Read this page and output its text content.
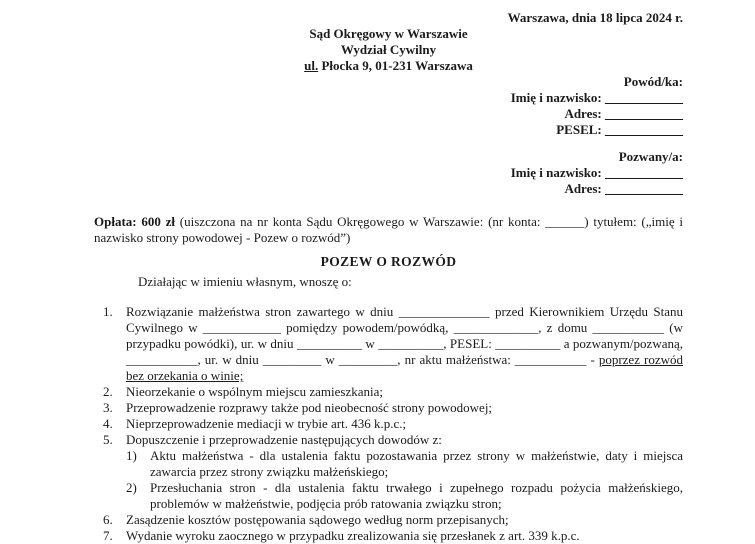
Warszawa, dnia 18 lipca 2024 r.
Sąd Okręgowy w Warszawie
Wydział Cywilny
ul. Płocka 9, 01-231 Warszawa
Powód/ka:
Imię i nazwisko: ____________
Adres: ____________
PESEL: ____________
Pozwany/a:
Imię i nazwisko: ____________
Adres: ____________
Opłata: 600 zł (uiszczona na nr konta Sądu Okręgowego w Warszawie: (nr konta: ______) tytułem: („imię i nazwisko strony powodowej - Pozew o rozwód”)
POZEW O ROZWÓD
Działając w imieniu własnym, wnoszę o:
1.	Rozwiązanie małżeństwa stron zawartego w dniu ______________ przed Kierownikiem Urzędu Stanu Cywilnego w ____________ pomiędzy powodem/powódką, _____________, z domu ___________ (w przypadku powódki), ur. w dniu __________ w __________, PESEL: __________ a pozwanym/pozwaną, ___________, ur. w dniu _________ w _________, nr aktu małżeństwa: ___________ - poprzez rozwód bez orzekania o winie;
2.	Nieorzekanie o wspólnym miejscu zamieszkania;
3.	Przeprowadzenie rozprawy także pod nieobecność strony powodowej;
4.	Nieprzeprowadzenie mediacji w trybie art. 436 k.p.c.;
5.	Dopuszczenie i przeprowadzenie następujących dowodów z:
1)	Aktu małżeństwa - dla ustalenia faktu pozostawania przez strony w małżeństwie, daty i miejsca zawarcia przez strony związku małżeńskiego;
2)	Przesłuchania stron - dla ustalenia faktu trwałego i zupełnego rozpadu pożycia małżeńskiego, problemów w małżeństwie, podjęcia prób ratowania związku stron;
6.	Zasądzenie kosztów postępowania sądowego według norm przepisanych;
7.	Wydanie wyroku zaocznego w przypadku zrealizowania się przesłanek z art. 339 k.p.c.
